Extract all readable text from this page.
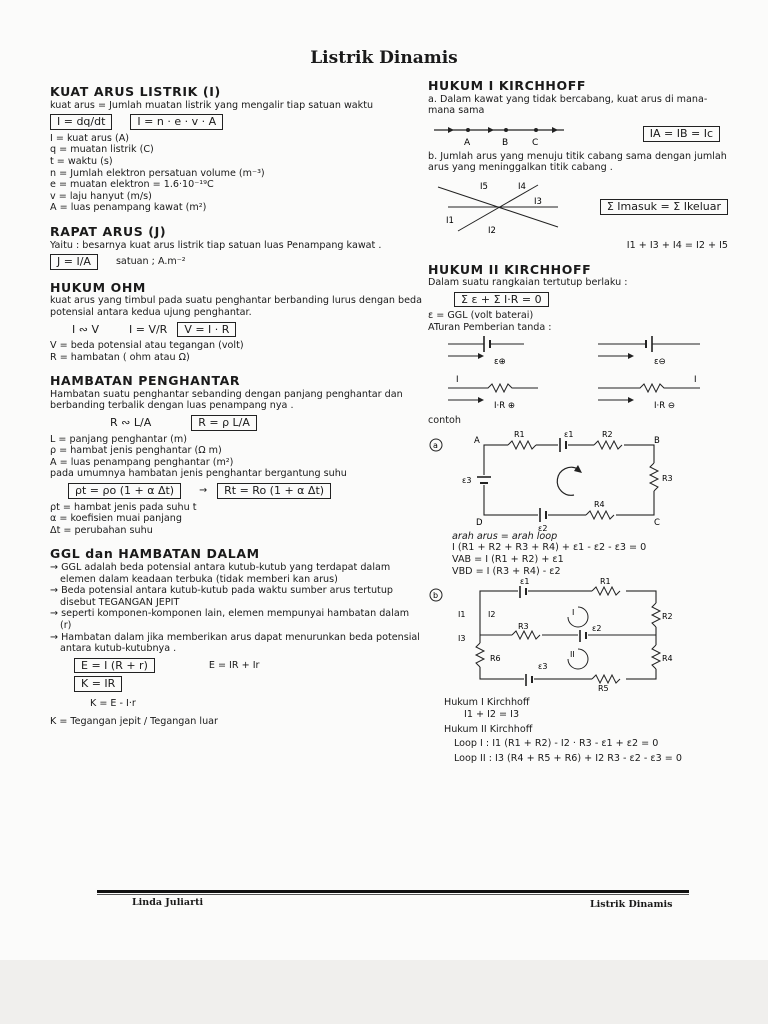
Listrik Dinamis

KUAT ARUS LISTRIK (I)

kuat arus = Jumlah muatan listrik yang mengalir tiap satuan waktu

I = dq/dt	I = n · e · v · A

I = kuat arus (A)

q = muatan listrik (C)

t = waktu (s)

n = Jumlah elektron persatuan volume (m⁻³)

e = muatan elektron = 1.6·10⁻¹⁹C

v = laju hanyut (m/s)

A = luas penampang kawat (m²)

RAPAT ARUS (J)

Yaitu : besarnya kuat arus listrik tiap satuan luas Penampang kawat .

J = I/A	satuan ; A.m⁻²

HUKUM OHM

kuat arus yang timbul pada suatu penghantar berbanding lurus dengan beda potensial antara kedua ujung penghantar.

I ∾ V	I = V/R	V = I · R

V = beda potensial atau tegangan (volt)

R = hambatan ( ohm atau Ω)

HAMBATAN PENGHANTAR

Hambatan suatu penghantar sebanding dengan panjang penghantar dan berbanding terbalik dengan luas penampang nya .

R ∾ L/A	R = ρ L/A

L = panjang penghantar (m)

ρ = hambat jenis penghantar (Ω m)

A = luas penampang penghantar (m²)

pada umumnya hambatan jenis penghantar bergantung suhu

ρt = ρo (1 + α Δt)	→	Rt = Ro (1 + α Δt)

ρt = hambat jenis pada suhu t

α = koefisien muai panjang

Δt = perubahan suhu

GGL dan HAMBATAN DALAM

→ GGL adalah beda potensial antara kutub-kutub yang terdapat dalam elemen dalam keadaan terbuka (tidak memberi kan arus)

→ Beda potensial antara kutub-kutub pada waktu sumber arus tertutup disebut TEGANGAN JEPIT

→ seperti komponen-komponen lain, elemen mempunyai hambatan dalam (r)

→ Hambatan dalam jika memberikan arus dapat menurunkan beda potensial antara kutub-kutubnya .

E = I (R + r)	E = IR + Ir
K = IR

K = E - I·r

K = Tegangan jepit / Tegangan luar

HUKUM I KIRCHHOFF

a. Dalam kawat yang tidak bercabang, kuat arus di mana-mana sama

A	B	C
IA = IB = Ic

b. Jumlah arus yang menuju titik cabang sama dengan jumlah arus yang meninggalkan titik cabang .

I5	I4
I3
I1
I2
Σ Imasuk = Σ Ikeluar

I1 + I3 + I4 = I2 + I5

HUKUM II KIRCHHOFF

Dalam suatu rangkaian tertutup berlaku :

Σ ε + Σ I·R = 0

ε = GGL (volt baterai)

ATuran Pemberian tanda :

ε⊕	ε⊖
I
I·R ⊕
I
I·R ⊖

contoh

a	A	B
C
D
R1	ε1	R2
R3
R4
ε2
ε3

arah arus = arah loop

I (R1 + R2 + R3 + R4) + ε1 - ε2 - ε3 = 0

VAB = I (R1 + R2) + ε1

VBD = I (R3 + R4) - ε2

b
ε1	R1
R2
R3	ε2
R6	R4
ε3
R5
I1	I2
I3
I
II

Hukum I Kirchhoff

I1 + I2 = I3

Hukum II Kirchhoff

Loop I : I1 (R1 + R2) - I2 · R3 - ε1 + ε2 = 0

Loop II : I3 (R4 + R5 + R6) + I2 R3 - ε2 - ε3 = 0

Linda Juliarti	Listrik Dinamis
